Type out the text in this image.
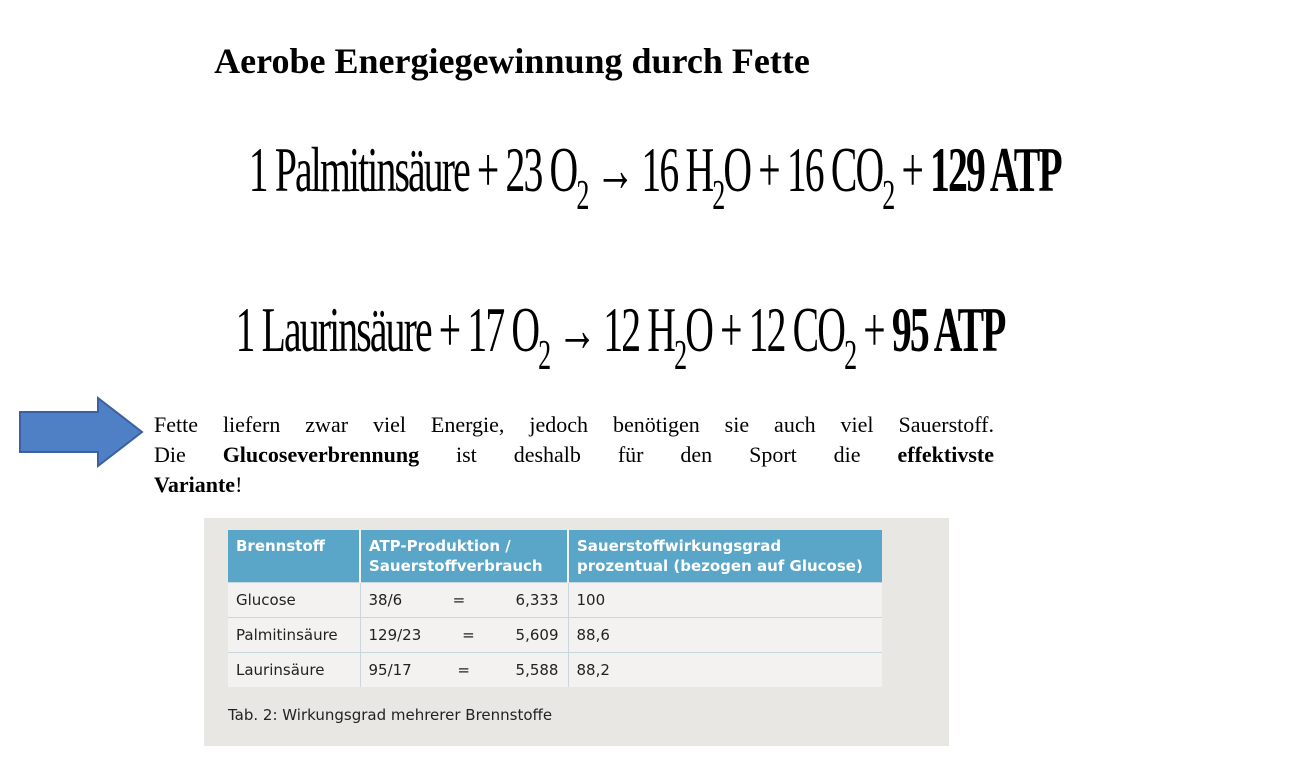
Aerobe Energiegewinnung durch Fette
1 Palmitinsäure + 23 $O_2 \to 16$ $H_2O + 16$ $CO_2 + 129$ ATP
1 Laurinsäure + 17 $O_2 \to 12$ $H_2O + 12$ $CO_2 + 95$ ATP
Fette liefern zwar viel Energie, jedoch benötigen sie auch viel Sauerstoff.
Die Glucoseverbrennung ist deshalb für den Sport die effektivste
Variante!
Brennstoff	ATP-Produktion / Sauerstoffverbrauch	Sauerstoffwirkungsgrad prozentual (bezogen auf Glucose)
Glucose	38/6 = 6,333	100
Palmitinsäure	129/23 = 5,609	88,6
Laurinsäure	95/17 = 5,588	88,2
Tab. 2: Wirkungsgrad mehrerer Brennstoffe
